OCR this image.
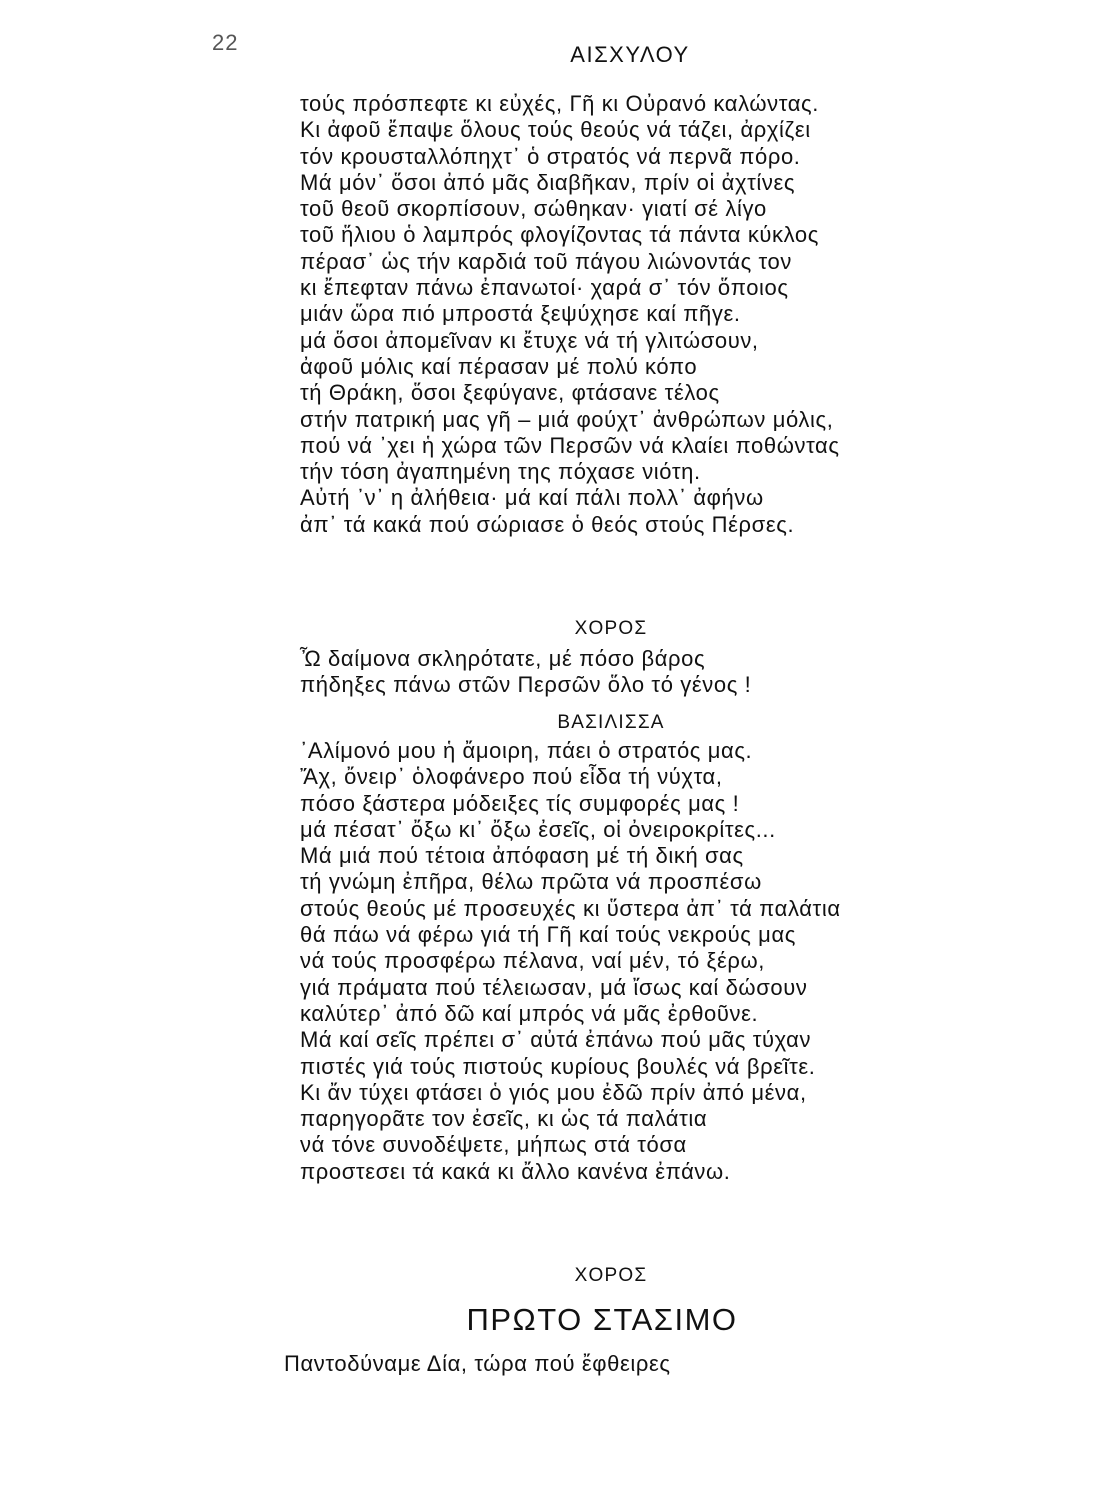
22	ΑΙΣΧΥΛΟΥ
τούς πρόσπεφτε κι εὐχές, Γῆ κι Οὐρανό καλώντας.
Κι ἀφοῦ ἔπαψε ὅλους τούς θεούς νά τάζει, ἀρχίζει
τόν κρουσταλλόπηχτ᾽ ὁ στρατός νά περνᾶ πόρο.
Μά μόν᾽ ὅσοι ἀπό μᾶς διαβῆκαν, πρίν οἱ ἀχτίνες
τοῦ θεοῦ σκορπίσουν, σώθηκαν· γιατί σέ λίγο
τοῦ ἥλιου ὁ λαμπρός φλογίζοντας τά πάντα κύκλος
πέρασ᾽ ὡς τήν καρδιά τοῦ πάγου λιώνοντάς τον
κι ἔπεφταν πάνω ἐπανωτοί· χαρά σ᾽ τόν ὅποιος
μιάν ὥρα πιό μπροστά ξεψύχησε καί πῆγε.
μά ὅσοι ἀπομεῖναν κι ἔτυχε νά τή γλιτώσουν,
ἀφοῦ μόλις καί πέρασαν μέ πολύ κόπο
τή Θράκη, ὅσοι ξεφύγανε, φτάσανε τέλος
στήν πατρική μας γῆ – μιά φούχτ᾽ ἀνθρώπων μόλις,
πού νά ᾽χει ἡ χώρα τῶν Περσῶν νά κλαίει ποθώντας
τήν τόση ἀγαπημένη της πόχασε νιότη.
Αὐτή ᾽ν᾽ η ἀλήθεια· μά καί πάλι πολλ᾽ ἀφήνω
ἀπ᾽ τά κακά πού σώριασε ὁ θεός στούς Πέρσες.
ΧΟΡΟΣ
Ὦ δαίμονα σκληρότατε, μέ πόσο βάρος
πήδηξες πάνω στῶν Περσῶν ὅλο τό γένος !
ΒΑΣΙΛΙΣΣΑ
᾽Αλίμονό μου ἡ ἄμοιρη, πάει ὁ στρατός μας.
Ἄχ, ὄνειρ᾽ ὁλοφάνερο πού εἶδα τή νύχτα,
πόσο ξάστερα μόδειξες τίς συμφορές μας !
μά πέσατ᾽ ὄξω κι᾽ ὄξω ἐσεῖς, οἱ ὀνειροκρίτες...
Μά μιά πού τέτοια ἀπόφαση μέ τή δική σας
τή γνώμη ἐπῆρα, θέλω πρῶτα νά προσπέσω
στούς θεούς μέ προσευχές κι ὕστερα ἀπ᾽ τά παλάτια
θά πάω νά φέρω γιά τή Γῆ καί τούς νεκρούς μας
νά τούς προσφέρω πέλανα, ναί μέν, τό ξέρω,
γιά πράματα πού τέλειωσαν, μά ἴσως καί δώσουν
καλύτερ᾽ ἀπό δῶ καί μπρός νά μᾶς ἐρθοῦνε.
Μά καί σεῖς πρέπει σ᾽ αὐτά ἐπάνω πού μᾶς τύχαν
πιστές γιά τούς πιστούς κυρίους βουλές νά βρεῖτε.
Κι ἄν τύχει φτάσει ὁ γιός μου ἐδῶ πρίν ἀπό μένα,
παρηγορᾶτε τον ἐσεῖς, κι ὡς τά παλάτια
νά τόνε συνοδέψετε, μήπως στά τόσα
προστεσει τά κακά κι ἄλλο κανένα ἐπάνω.
ΧΟΡΟΣ
ΠΡΩΤΟ ΣΤΑΣΙΜΟ
Παντοδύναμε Δία, τώρα πού ἔφθειρες
